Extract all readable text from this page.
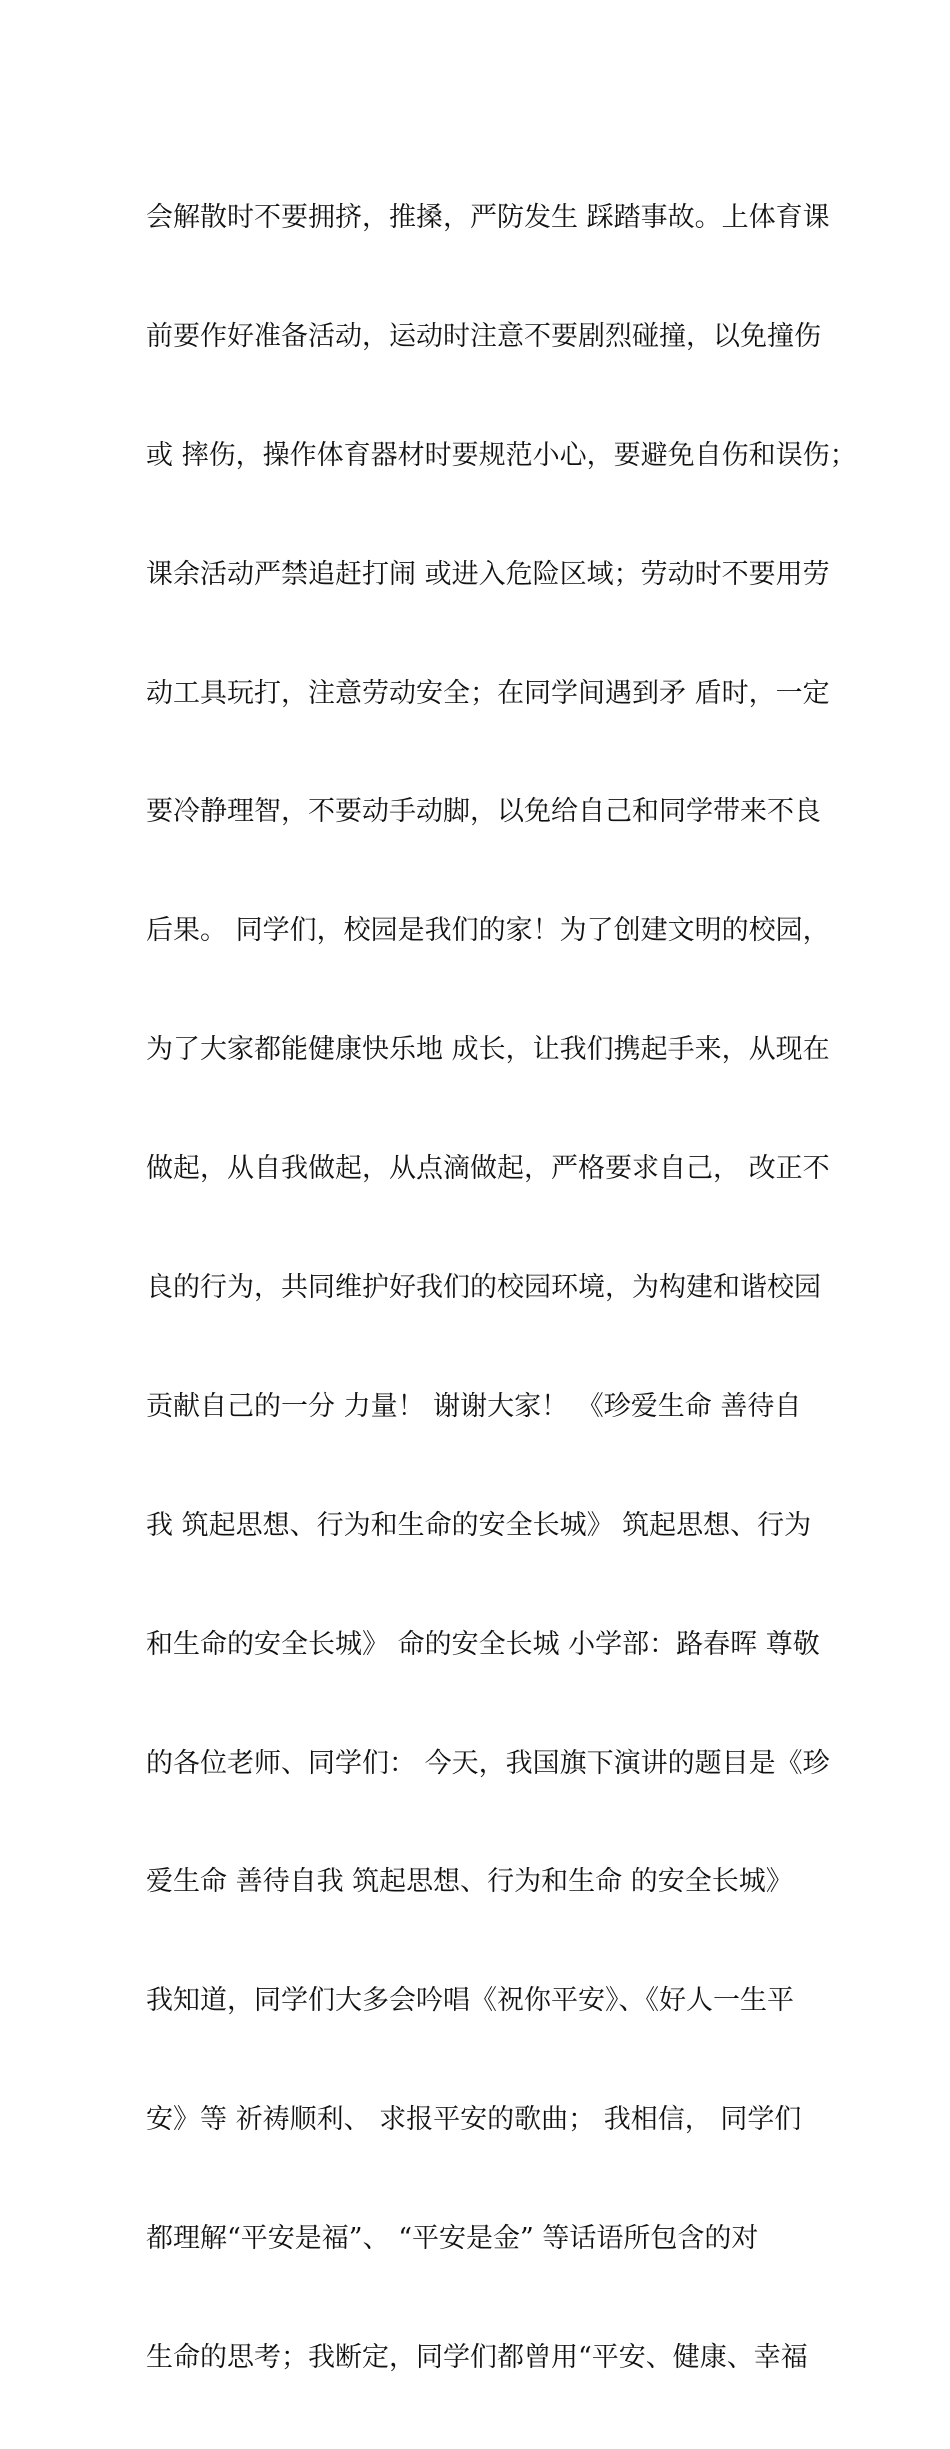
会解散时不要拥挤，推搡，严防发生 踩踏事故。上体育课

前要作好准备活动，运动时注意不要剧烈碰撞，以免撞伤

或 摔伤，操作体育器材时要规范小心，要避免自伤和误伤；

课余活动严禁追赶打闹 或进入危险区域；劳动时不要用劳

动工具玩打，注意劳动安全；在同学间遇到矛 盾时，一定

要冷静理智，不要动手动脚，以免给自己和同学带来不良

后果。 同学们，校园是我们的家！为了创建文明的校园，

为了大家都能健康快乐地 成长，让我们携起手来，从现在

做起，从自我做起，从点滴做起，严格要求自己， 改正不

良的行为，共同维护好我们的校园环境，为构建和谐校园

贡献自己的一分 力量！ 谢谢大家！ 《珍爱生命 善待自

我 筑起思想、行为和生命的安全长城》 筑起思想、行为

和生命的安全长城》 命的安全长城 小学部：路春晖 尊敬

的各位老师、同学们： 今天，我国旗下演讲的题目是《珍

爱生命 善待自我 筑起思想、行为和生命 的安全长城》

我知道，同学们大多会吟唱《祝你平安》、《好人一生平

安》等 祈祷顺利、 求报平安的歌曲； 我相信， 同学们

都理解“平安是福”、 “平安是金” 等话语所包含的对

生命的思考；我断定，同学们都曾用“平安、健康、幸福
